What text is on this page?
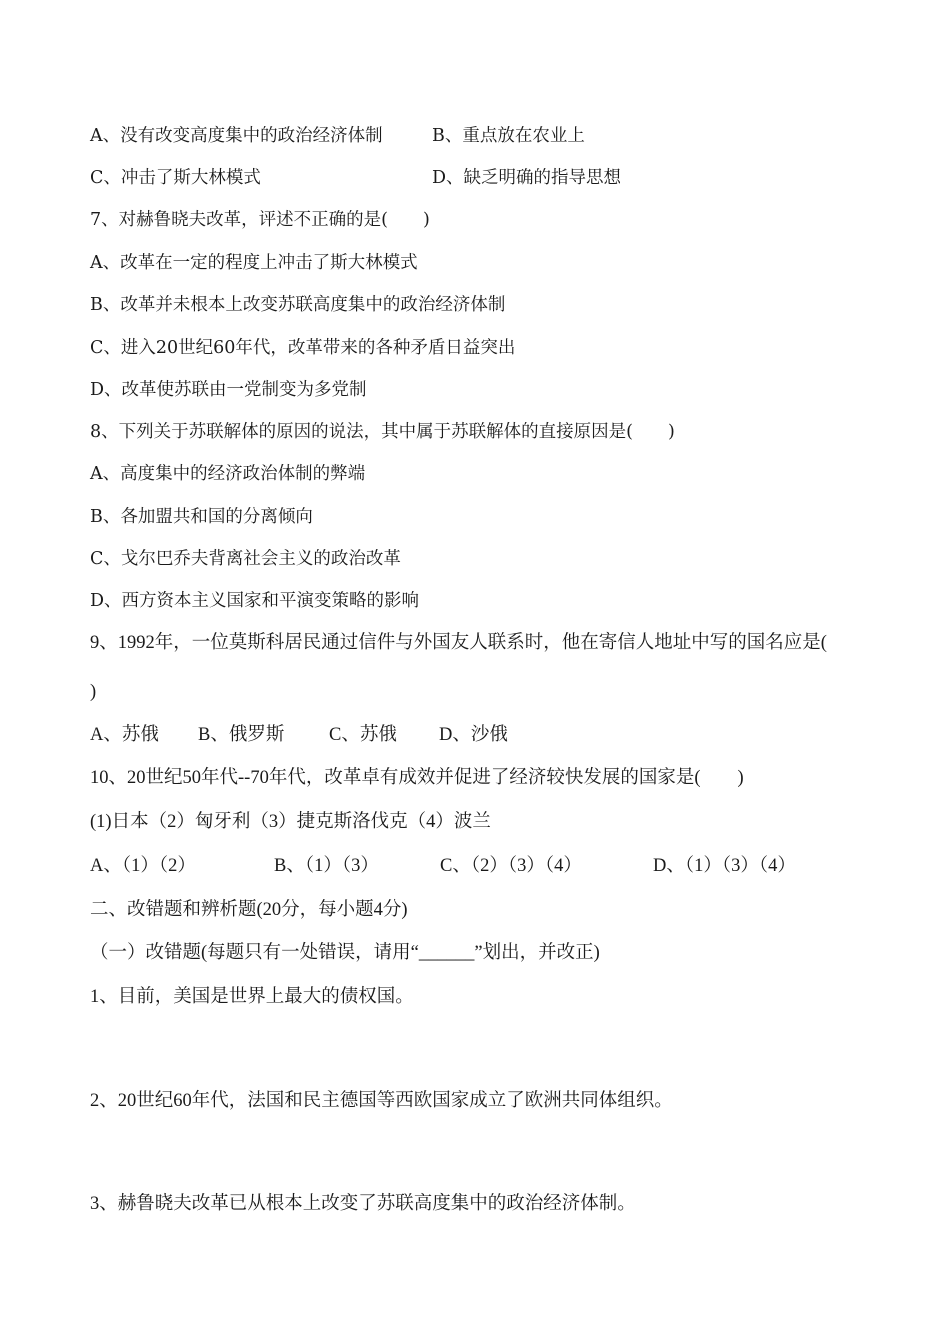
A、没有改变高度集中的政治经济体制	B、重点放在农业上
C、冲击了斯大林模式	D、缺乏明确的指导思想
7、对赫鲁晓夫改革，评述不正确的是(　　)
A、改革在一定的程度上冲击了斯大林模式
B、改革并未根本上改变苏联高度集中的政治经济体制
C、进入20世纪60年代，改革带来的各种矛盾日益突出
D、改革使苏联由一党制变为多党制
8、下列关于苏联解体的原因的说法，其中属于苏联解体的直接原因是(　　)
A、高度集中的经济政治体制的弊端
B、各加盟共和国的分离倾向
C、戈尔巴乔夫背离社会主义的政治改革
D、西方资本主义国家和平演变策略的影响
9、1992年，一位莫斯科居民通过信件与外国友人联系时，他在寄信人地址中写的国名应是(
)
A、苏俄 B、俄罗斯 C、苏俄 D、沙俄
10、20世纪50年代--70年代，改革卓有成效并促进了经济较快发展的国家是(　　)
(1)日本（2）匈牙利（3）捷克斯洛伐克（4）波兰
A、（1）（2）	B、（1）（3）	C、（2）（3）（4）	D、（1）（3）（4）
二、改错题和辨析题(20分，每小题4分)
（一）改错题(每题只有一处错误，请用“______”划出，并改正)
1、目前，美国是世界上最大的债权国。
2、20世纪60年代，法国和民主德国等西欧国家成立了欧洲共同体组织。
3、赫鲁晓夫改革已从根本上改变了苏联高度集中的政治经济体制。
